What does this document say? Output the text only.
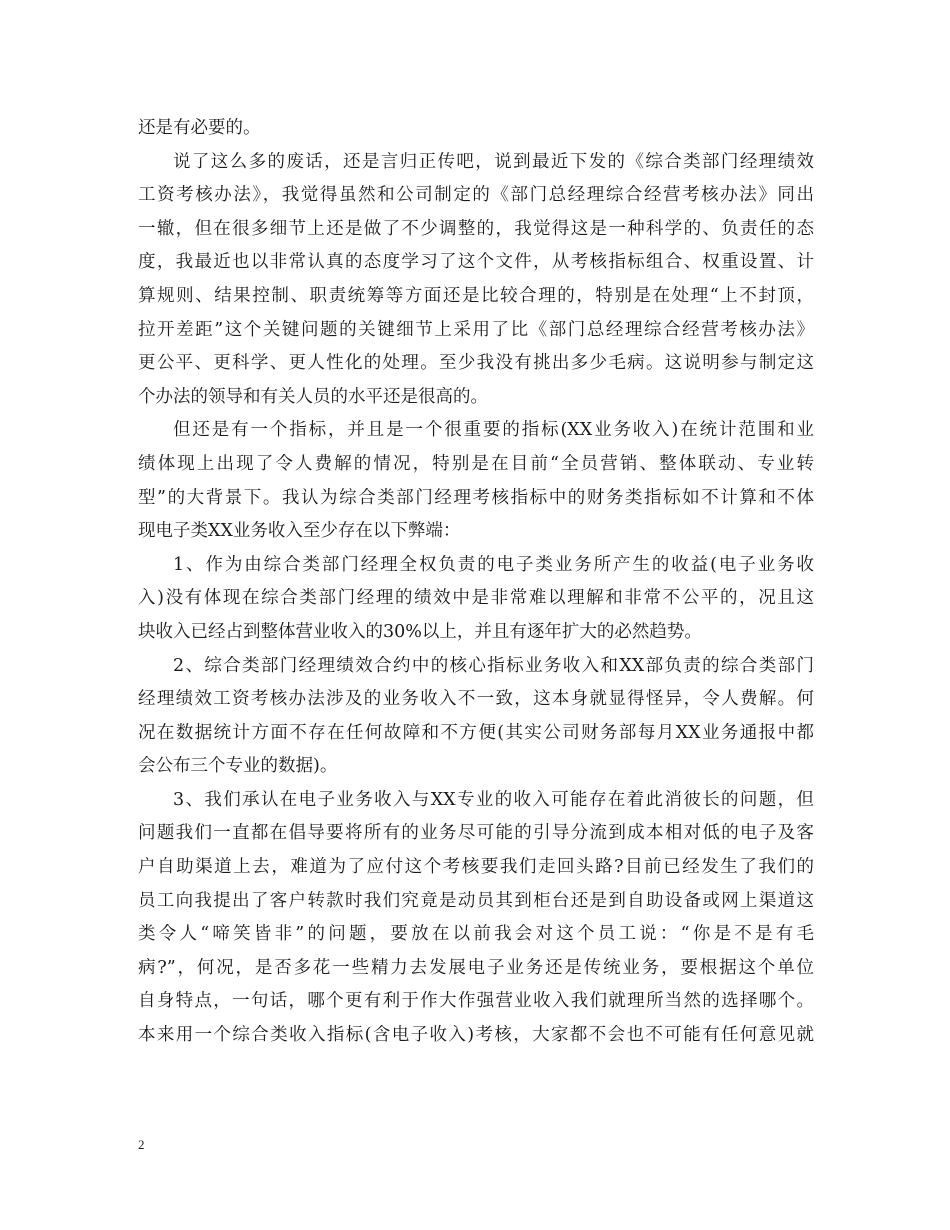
还是有必要的。
说了这么多的废话，还是言归正传吧，说到最近下发的《综合类部门经理绩效
工资考核办法》，我觉得虽然和公司制定的《部门总经理综合经营考核办法》同出
一辙，但在很多细节上还是做了不少调整的，我觉得这是一种科学的、负责任的态
度，我最近也以非常认真的态度学习了这个文件，从考核指标组合、权重设置、计
算规则、结果控制、职责统筹等方面还是比较合理的，特别是在处理“上不封顶，
拉开差距”这个关键问题的关键细节上采用了比《部门总经理综合经营考核办法》
更公平、更科学、更人性化的处理。至少我没有挑出多少毛病。这说明参与制定这
个办法的领导和有关人员的水平还是很高的。
但还是有一个指标，并且是一个很重要的指标(XX业务收入)在统计范围和业
绩体现上出现了令人费解的情况，特别是在目前“全员营销、整体联动、专业转
型”的大背景下。我认为综合类部门经理考核指标中的财务类指标如不计算和不体
现电子类XX业务收入至少存在以下弊端：
1、作为由综合类部门经理全权负责的电子类业务所产生的收益(电子业务收
入)没有体现在综合类部门经理的绩效中是非常难以理解和非常不公平的，况且这
块收入已经占到整体营业收入的30%以上，并且有逐年扩大的必然趋势。
2、综合类部门经理绩效合约中的核心指标业务收入和XX部负责的综合类部门
经理绩效工资考核办法涉及的业务收入不一致，这本身就显得怪异，令人费解。何
况在数据统计方面不存在任何故障和不方便(其实公司财务部每月XX业务通报中都
会公布三个专业的数据)。
3、我们承认在电子业务收入与XX专业的收入可能存在着此消彼长的问题，但
问题我们一直都在倡导要将所有的业务尽可能的引导分流到成本相对低的电子及客
户自助渠道上去，难道为了应付这个考核要我们走回头路?目前已经发生了我们的
员工向我提出了客户转款时我们究竟是动员其到柜台还是到自助设备或网上渠道这
类令人“啼笑皆非”的问题，要放在以前我会对这个员工说：“你是不是有毛
病?”，何况，是否多花一些精力去发展电子业务还是传统业务，要根据这个单位
自身特点，一句话，哪个更有利于作大作强营业收入我们就理所当然的选择哪个。
本来用一个综合类收入指标(含电子收入)考核，大家都不会也不可能有任何意见就
2
